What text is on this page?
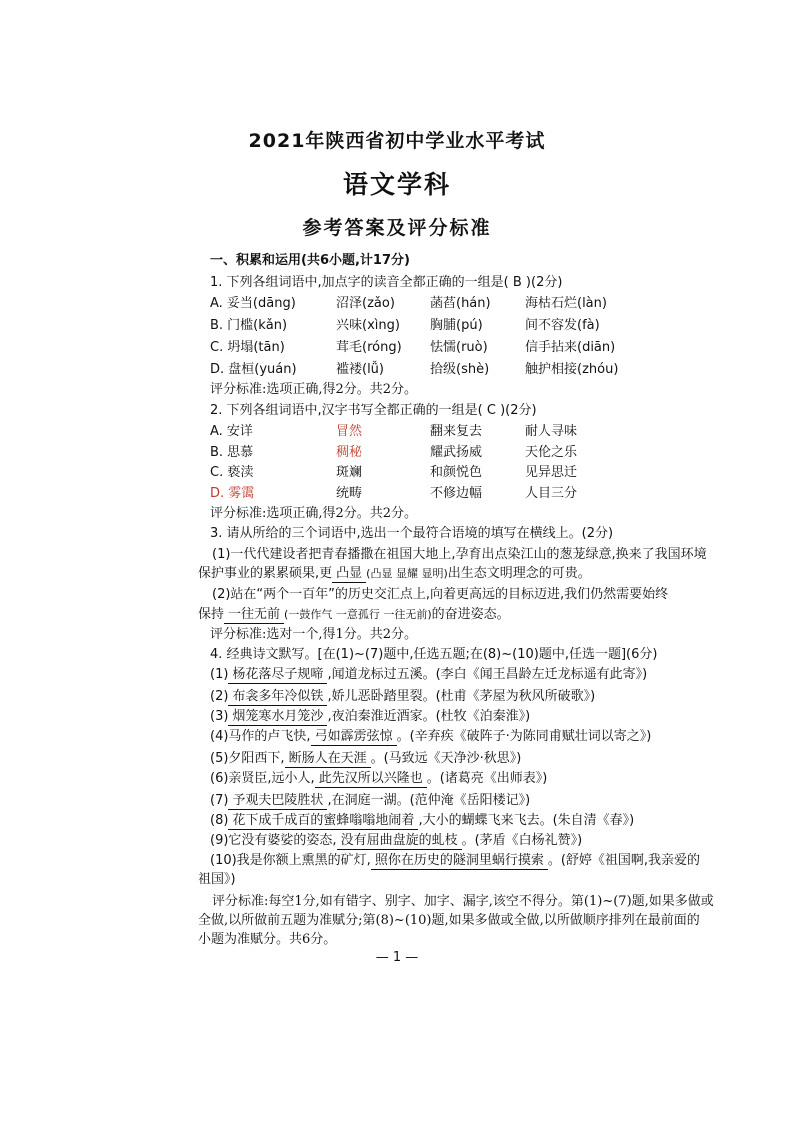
2021年陕西省初中学业水平考试
语文学科
参考答案及评分标准
一、积累和运用(共6小题,计17分)
1. 下列各组词语中,加点字的读音全都正确的一组是( B )(2分)
A. 妥当(dāng)	沼泽(zǎo)	菡萏(hán)	海枯石烂(làn)
B. 门槛(kǎn)	兴味(xìng)	胸脯(pú)	间不容发(fà)
C. 坍塌(tān)	茸毛(róng)	怯懦(ruò)	信手拈来(diān)
D. 盘桓(yuán)	褴褛(lǚ)	拾级(shè)	触护相接(zhóu)
评分标准:选项正确,得2分。共2分。
2. 下列各组词语中,汉字书写全都正确的一组是( C )(2分)
A. 安详	冒然	翻来复去	耐人寻味
B. 思慕	稠秘	耀武扬威	天伦之乐
C. 亵渎	斑斓	和颜悦色	见异思迁
D. 雾霭	统畴	不修边幅	人目三分
评分标准:选项正确,得2分。共2分。
3. 请从所给的三个词语中,选出一个最符合语境的填写在横线上。(2分)
(1)一代代建设者把青春播撒在祖国大地上,孕育出点染江山的葱茏绿意,换来了我国环境
保护事业的累累硕果,更 凸显 (凸显 显耀 显明)出生态文明理念的可贵。
(2)站在“两个一百年”的历史交汇点上,向着更高远的目标迈进,我们仍然需要始终
保持 一往无前 (一鼓作气 一意孤行 一往无前)的奋进姿态。
评分标准:选对一个,得1分。共2分。
4. 经典诗文默写。[在(1)~(7)题中,任选五题;在(8)~(10)题中,任选一题](6分)
(1) 杨花落尽子规啼 ,闻道龙标过五溪。(李白《闻王昌龄左迁龙标遥有此寄》)
(2) 布衾多年冷似铁 ,娇儿恶卧踏里裂。(杜甫《茅屋为秋风所破歌》)
(3) 烟笼寒水月笼沙 ,夜泊秦淮近酒家。(杜牧《泊秦淮》)
(4)马作的卢飞快, 弓如霹雳弦惊 。(辛弃疾《破阵子·为陈同甫赋壮词以寄之》)
(5)夕阳西下, 断肠人在天涯 。(马致远《天净沙·秋思》)
(6)亲贤臣,远小人, 此先汉所以兴隆也 。(诸葛亮《出师表》)
(7) 予观夫巴陵胜状 ,在洞庭一湖。(范仲淹《岳阳楼记》)
(8) 花下成千成百的蜜蜂嗡嗡地闹着 ,大小的蝴蝶飞来飞去。(朱自清《春》)
(9)它没有婆娑的姿态, 没有屈曲盘旋的虬枝 。(茅盾《白杨礼赞》)
(10)我是你额上熏黑的矿灯, 照你在历史的隧洞里蜗行摸索 。(舒婷《祖国啊,我亲爱的
祖国》)
评分标准:每空1分,如有错字、别字、加字、漏字,该空不得分。第(1)~(7)题,如果多做或
全做,以所做前五题为准赋分;第(8)~(10)题,如果多做或全做,以所做顺序排列在最前面的
小题为准赋分。共6分。
— 1 —
